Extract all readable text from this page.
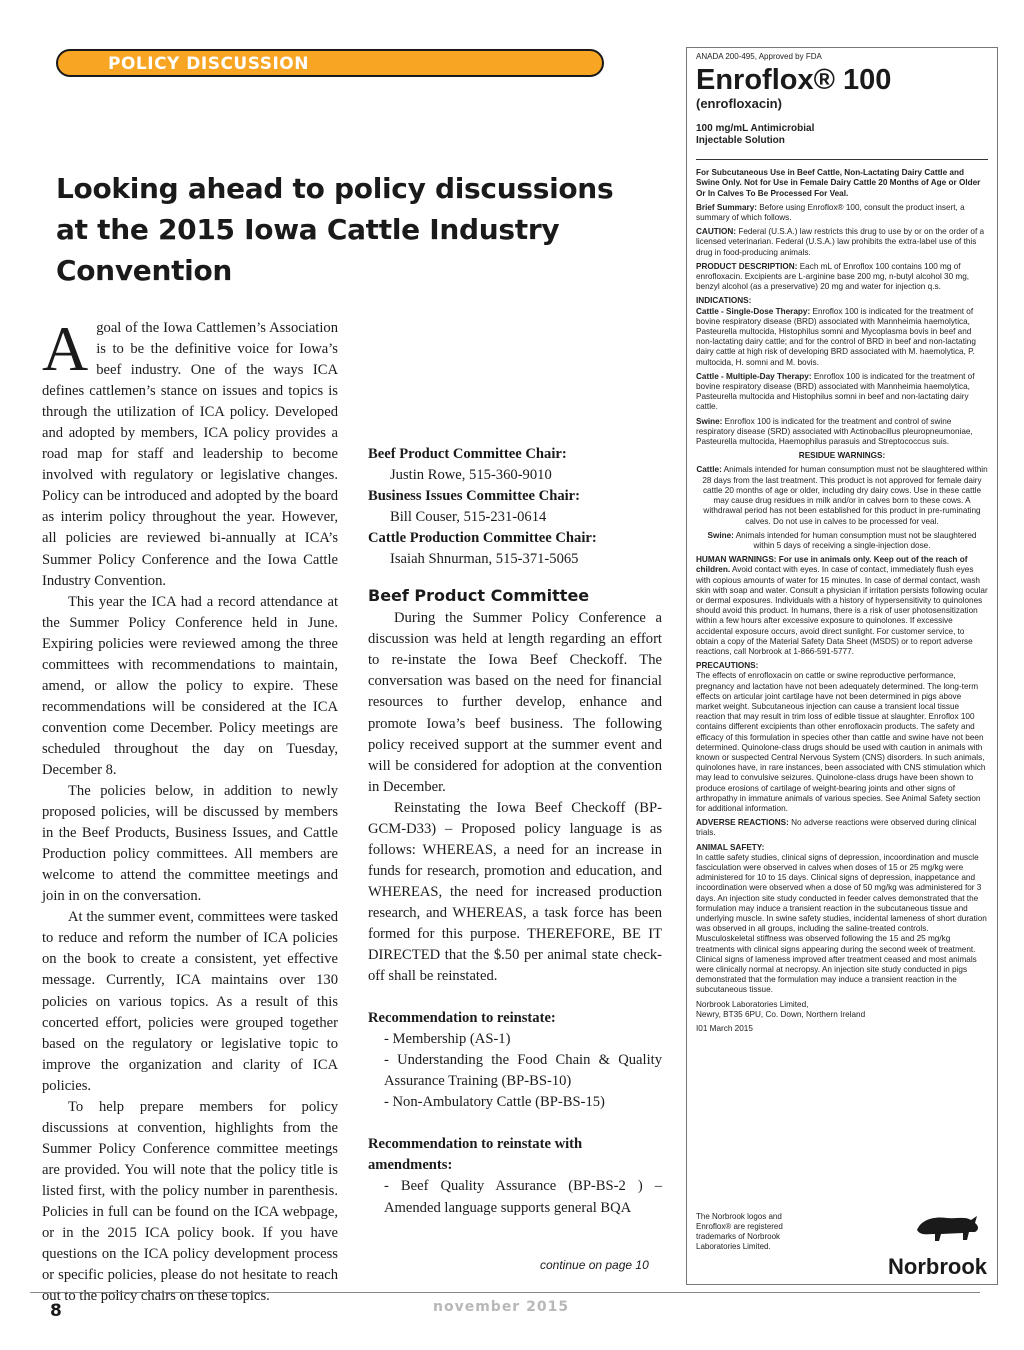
POLICY DISCUSSION
Looking ahead to policy discussions at the 2015 Iowa Cattle Industry Convention

Agoal of the Iowa Cattlemen’s Association is to be the definitive voice for Iowa’s beef industry. One of the ways ICA defines cattlemen’s stance on issues and topics is through the utilization of ICA policy. Developed and adopted by members, ICA policy provides a road map for staff and leadership to become involved with regulatory or legislative changes. Policy can be introduced and adopted by the board as interim policy throughout the year. However, all policies are reviewed bi-annually at ICA’s Summer Policy Conference and the Iowa Cattle Industry Convention.

This year the ICA had a record attendance at the Summer Policy Conference held in June. Expiring policies were reviewed among the three committees with recommendations to maintain, amend, or allow the policy to expire. These recommendations will be considered at the ICA convention come December. Policy meetings are scheduled throughout the day on Tuesday, December 8.

The policies below, in addition to newly proposed policies, will be discussed by members in the Beef Products, Business Issues, and Cattle Production policy committees. All members are welcome to attend the committee meetings and join in on the conversation.

At the summer event, committees were tasked to reduce and reform the number of ICA policies on the book to create a consistent, yet effective message. Currently, ICA maintains over 130 policies on various topics. As a result of this concerted effort, policies were grouped together based on the regulatory or legislative topic to improve the organization and clarity of ICA policies.

To help prepare members for policy discussions at convention, highlights from the Summer Policy Conference committee meetings are provided. You will note that the policy title is listed first, with the policy number in parenthesis. Policies in full can be found on the ICA webpage, or in the 2015 ICA policy book. If you have questions on the ICA policy development process or specific policies, please do not hesitate to reach out to the policy chairs on these topics.

Beef Product Committee Chair:

Justin Rowe, 515-360-9010

Business Issues Committee Chair:

Bill Couser, 515-231-0614

Cattle Production Committee Chair:

Isaiah Shnurman, 515-371-5065

Beef Product Committee

During the Summer Policy Conference a discussion was held at length regarding an effort to re-instate the Iowa Beef Checkoff. The conversation was based on the need for financial resources to further develop, enhance and promote Iowa’s beef business. The following policy received support at the summer event and will be considered for adoption at the convention in December.

Reinstating the Iowa Beef Checkoff (BP-GCM-D33) – Proposed policy language is as follows: WHEREAS, a need for an increase in funds for research, promotion and education, and WHEREAS, the need for increased production research, and WHEREAS, a task force has been formed for this purpose. THEREFORE, BE IT DIRECTED that the $.50 per animal state check-off shall be reinstated.

Recommendation to reinstate:

- Membership (AS-1)

- Understanding the Food Chain & Quality Assurance Training (BP-BS-10)

- Non-Ambulatory Cattle (BP-BS-15)

Recommendation to reinstate with amendments:

- Beef Quality Assurance (BP-BS-2 ) – Amended language supports general BQA

continue on page 10

ANADA 200-495, Approved by FDA

Enroflox® 100

(enrofloxacin)

100 mg/mL Antimicrobial
Injectable Solution

For Subcutaneous Use in Beef Cattle, Non-Lactating Dairy Cattle and Swine Only. Not for Use in Female Dairy Cattle 20 Months of Age or Older Or In Calves To Be Processed For Veal.

Brief Summary: Before using Enroflox® 100, consult the product insert, a summary of which follows.

CAUTION: Federal (U.S.A.) law restricts this drug to use by or on the order of a licensed veterinarian. Federal (U.S.A.) law prohibits the extra-label use of this drug in food-producing animals.

PRODUCT DESCRIPTION: Each mL of Enroflox 100 contains 100 mg of enrofloxacin. Excipients are L-arginine base 200 mg, n-butyl alcohol 30 mg, benzyl alcohol (as a preservative) 20 mg and water for injection q.s.

INDICATIONS:
Cattle - Single-Dose Therapy: Enroflox 100 is indicated for the treatment of bovine respiratory disease (BRD) associated with Mannheimia haemolytica, Pasteurella multocida, Histophilus somni and Mycoplasma bovis in beef and non-lactating dairy cattle; and for the control of BRD in beef and non-lactating dairy cattle at high risk of developing BRD associated with M. haemolytica, P. multocida, H. somni and M. bovis.

Cattle - Multiple-Day Therapy: Enroflox 100 is indicated for the treatment of bovine respiratory disease (BRD) associated with Mannheimia haemolytica, Pasteurella multocida and Histophilus somni in beef and non-lactating dairy cattle.

Swine: Enroflox 100 is indicated for the treatment and control of swine respiratory disease (SRD) associated with Actinobacillus pleuropneumoniae, Pasteurella multocida, Haemophilus parasuis and Streptococcus suis.

RESIDUE WARNINGS:

Cattle: Animals intended for human consumption must not be slaughtered within 28 days from the last treatment. This product is not approved for female dairy cattle 20 months of age or older, including dry dairy cows. Use in these cattle may cause drug residues in milk and/or in calves born to these cows. A withdrawal period has not been established for this product in pre-ruminating calves. Do not use in calves to be processed for veal.

Swine: Animals intended for human consumption must not be slaughtered within 5 days of receiving a single-injection dose.

HUMAN WARNINGS: For use in animals only. Keep out of the reach of children. Avoid contact with eyes. In case of contact, immediately flush eyes with copious amounts of water for 15 minutes. In case of dermal contact, wash skin with soap and water. Consult a physician if irritation persists following ocular or dermal exposures. Individuals with a history of hypersensitivity to quinolones should avoid this product. In humans, there is a risk of user photosensitization within a few hours after excessive exposure to quinolones. If excessive accidental exposure occurs, avoid direct sunlight. For customer service, to obtain a copy of the Material Safety Data Sheet (MSDS) or to report adverse reactions, call Norbrook at 1-866-591-5777.

PRECAUTIONS:
The effects of enrofloxacin on cattle or swine reproductive performance, pregnancy and lactation have not been adequately determined. The long-term effects on articular joint cartilage have not been determined in pigs above market weight. Subcutaneous injection can cause a transient local tissue reaction that may result in trim loss of edible tissue at slaughter. Enroflox 100 contains different excipients than other enrofloxacin products. The safety and efficacy of this formulation in species other than cattle and swine have not been determined. Quinolone-class drugs should be used with caution in animals with known or suspected Central Nervous System (CNS) disorders. In such animals, quinolones have, in rare instances, been associated with CNS stimulation which may lead to convulsive seizures. Quinolone-class drugs have been shown to produce erosions of cartilage of weight-bearing joints and other signs of arthropathy in immature animals of various species. See Animal Safety section for additional information.

ADVERSE REACTIONS: No adverse reactions were observed during clinical trials.

ANIMAL SAFETY:
In cattle safety studies, clinical signs of depression, incoordination and muscle fasciculation were observed in calves when doses of 15 or 25 mg/kg were administered for 10 to 15 days. Clinical signs of depression, inappetance and incoordination were observed when a dose of 50 mg/kg was administered for 3 days. An injection site study conducted in feeder calves demonstrated that the formulation may induce a transient reaction in the subcutaneous tissue and underlying muscle. In swine safety studies, incidental lameness of short duration was observed in all groups, including the saline-treated controls. Musculoskeletal stiffness was observed following the 15 and 25 mg/kg treatments with clinical signs appearing during the second week of treatment. Clinical signs of lameness improved after treatment ceased and most animals were clinically normal at necropsy. An injection site study conducted in pigs demonstrated that the formulation may induce a transient reaction in the subcutaneous tissue.

Norbrook Laboratories Limited,
Newry, BT35 6PU, Co. Down, Northern Ireland

I01 March 2015

The Norbrook logos and Enroflox® are registered trademarks of Norbrook Laboratories Limited.
Norbrook
8	november 2015
